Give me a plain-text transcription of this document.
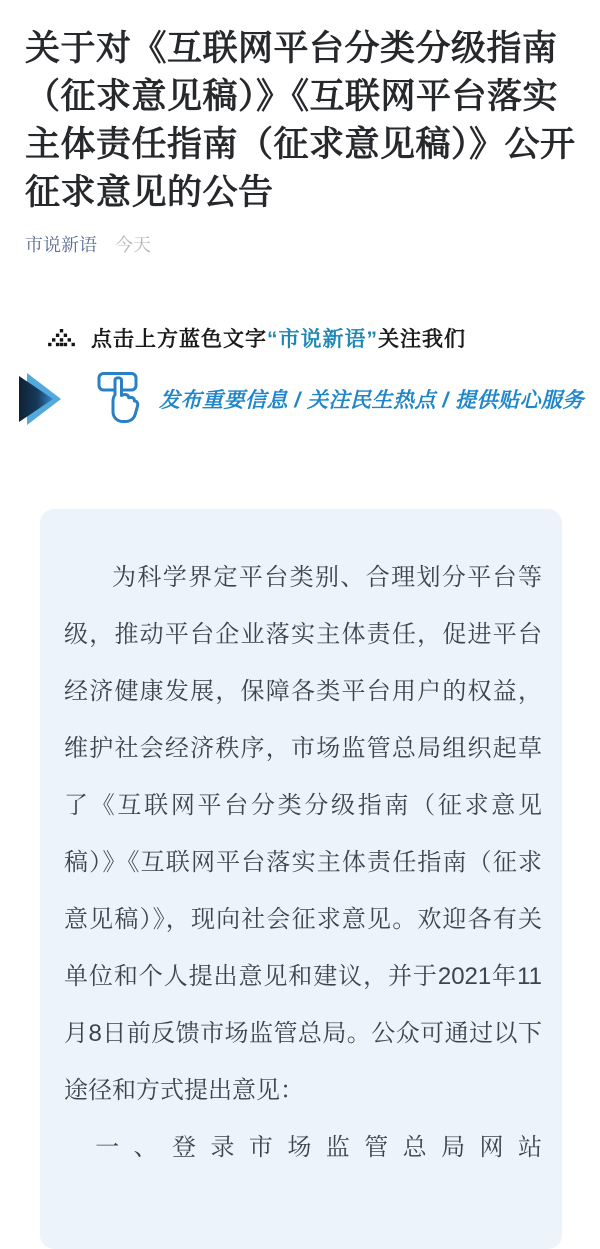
关于对《互联网平台分类分级指南（征求意见稿）》《互联网平台落实主体责任指南（征求意见稿）》公开征求意见的公告
市说新语 今天
点击上方蓝色文字“市说新语”关注我们
发布重要信息 / 关注民生热点 / 提供贴心服务

为科学界定平台类别、合理划分平台等级，推动平台企业落实主体责任，促进平台经济健康发展，保障各类平台用户的权益，维护社会经济秩序，市场监管总局组织起草了《互联网平台分类分级指南（征求意见稿）》《互联网平台落实主体责任指南（征求意见稿）》，现向社会征求意见。欢迎各有关单位和个人提出意见和建议，并于2021年11月8日前反馈市场监管总局。公众可通过以下途径和方式提出意见：

一、登录市场监管总局网站
